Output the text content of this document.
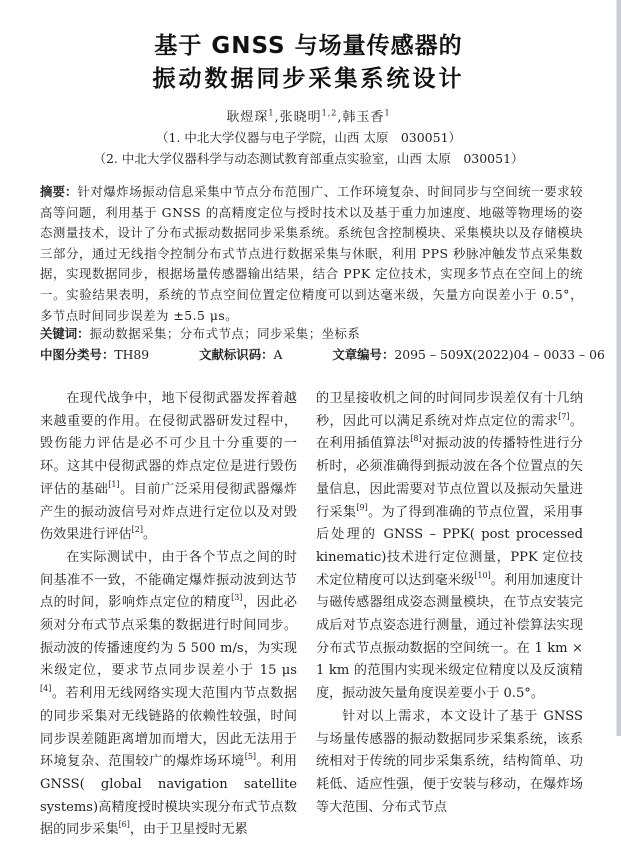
基于 GNSS 与场量传感器的
振动数据同步采集系统设计
耿煜琛$^1$,张晓明$^{1,2}$,韩玉香$^1$
（1. 中北大学仪器与电子学院，山西 太原　030051）
（2. 中北大学仪器科学与动态测试教育部重点实验室，山西 太原　030051）
摘要：针对爆炸场振动信息采集中节点分布范围广、工作环境复杂、时间同步与空间统一要求较高等问题，利用基于 GNSS 的高精度定位与授时技术以及基于重力加速度、地磁等物理场的姿态测量技术，设计了分布式振动数据同步采集系统。系统包含控制模块、采集模块以及存储模块三部分，通过无线指令控制分布式节点进行数据采集与休眠，利用 PPS 秒脉冲触发节点采集数据，实现数据同步，根据场量传感器输出结果，结合 PPK 定位技术，实现多节点在空间上的统一。实验结果表明，系统的节点空间位置定位精度可以到达毫米级，矢量方向误差小于 0.5°，多节点时间同步误差为 ±5.5 μs。
关键词：振动数据采集；分布式节点；同步采集；坐标系
中图分类号：TH89	文献标识码：A	文章编号：2095 – 509X(2022)04 – 0033 – 06

在现代战争中，地下侵彻武器发挥着越来越重要的作用。在侵彻武器研发过程中，毁伤能力评估是必不可少且十分重要的一环。这其中侵彻武器的炸点定位是进行毁伤评估的基础[1]。目前广泛采用侵彻武器爆炸产生的振动波信号对炸点进行定位以及对毁伤效果进行评估[2]。

在实际测试中，由于各个节点之间的时间基准不一致，不能确定爆炸振动波到达节点的时间，影响炸点定位的精度[3]，因此必须对分布式节点采集的数据进行时间同步。振动波的传播速度约为 5 500 m/s，为实现米级定位，要求节点同步误差小于 15 μs [4]。若利用无线网络实现大范围内节点数据的同步采集对无线链路的依赖性较强，时间同步误差随距离增加而增大，因此无法用于环境复杂、范围较广的爆炸场环境[5]。利用 GNSS( global navigation satellite systems)高精度授时模块实现分布式节点数据的同步采集[6]，由于卫星授时无累

的卫星接收机之间的时间同步误差仅有十几纳秒，因此可以满足系统对炸点定位的需求[7]。在利用插值算法[8]对振动波的传播特性进行分析时，必须准确得到振动波在各个位置点的矢量信息，因此需要对节点位置以及振动矢量进行采集[9]。为了得到准确的节点位置，采用事后处理的 GNSS – PPK( post processed kinematic)技术进行定位测量，PPK 定位技术定位精度可以达到毫米级[10]。利用加速度计与磁传感器组成姿态测量模块，在节点安装完成后对节点姿态进行测量，通过补偿算法实现分布式节点振动数据的空间统一。在 1 km × 1 km 的范围内实现米级定位精度以及反演精度，振动波矢量角度误差要小于 0.5°。

针对以上需求，本文设计了基于 GNSS 与场量传感器的振动数据同步采集系统，该系统相对于传统的同步采集系统，结构简单、功耗低、适应性强，便于安装与移动，在爆炸场等大范围、分布式节点
